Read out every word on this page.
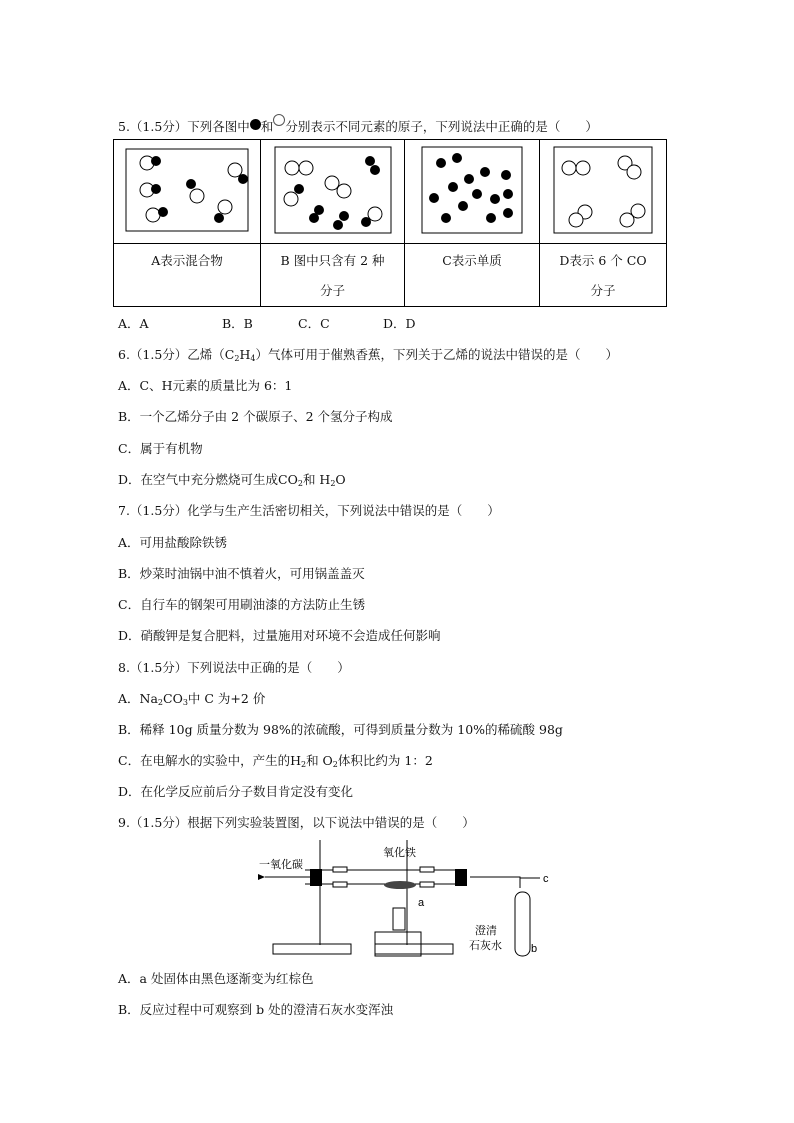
5.（1.5分）下列各图中 和 分别表示不同元素的原子，下列说法中正确的是（　　）

A表示混合物	B 图中只含有 2 种分子	C表示单质	D表示 6 个 CO分子
A．A	B．B	C．C	D．D
6.（1.5分）乙烯$(C_2H_4)$气体可用于催熟香蕉，下列关于乙烯的说法中错误的是（　　）
A．C、H元素的质量比为 6：1
B．一个乙烯分子由 2 个碳原子、2 个氢分子构成
C．属于有机物
D．在空气中充分燃烧可生成$CO_2$和 $H_2O$
7.（1.5分）化学与生产生活密切相关，下列说法中错误的是（　　）
A．可用盐酸除铁锈
B．炒菜时油锅中油不慎着火，可用锅盖盖灭
C．自行车的钢架可用刷油漆的方法防止生锈
D．硝酸钾是复合肥料，过量施用对环境不会造成任何影响
8.（1.5分）下列说法中正确的是（　　）
A．$Na_2CO_3$中 C 为+2 价
B．稀释 10g 质量分数为 98%的浓硫酸，可得到质量分数为 10%的稀硫酸 98g
C．在电解水的实验中，产生的$H_2$和 $O_2$体积比约为 1：2
D．在化学反应前后分子数目肯定没有变化
9.（1.5分）根据下列实验装置图，以下说法中错误的是（　　）
一氧化碳
氧化铁
a
c
b
澄清
石灰水
A．a 处固体由黑色逐渐变为红棕色
B．反应过程中可观察到 b 处的澄清石灰水变浑浊
